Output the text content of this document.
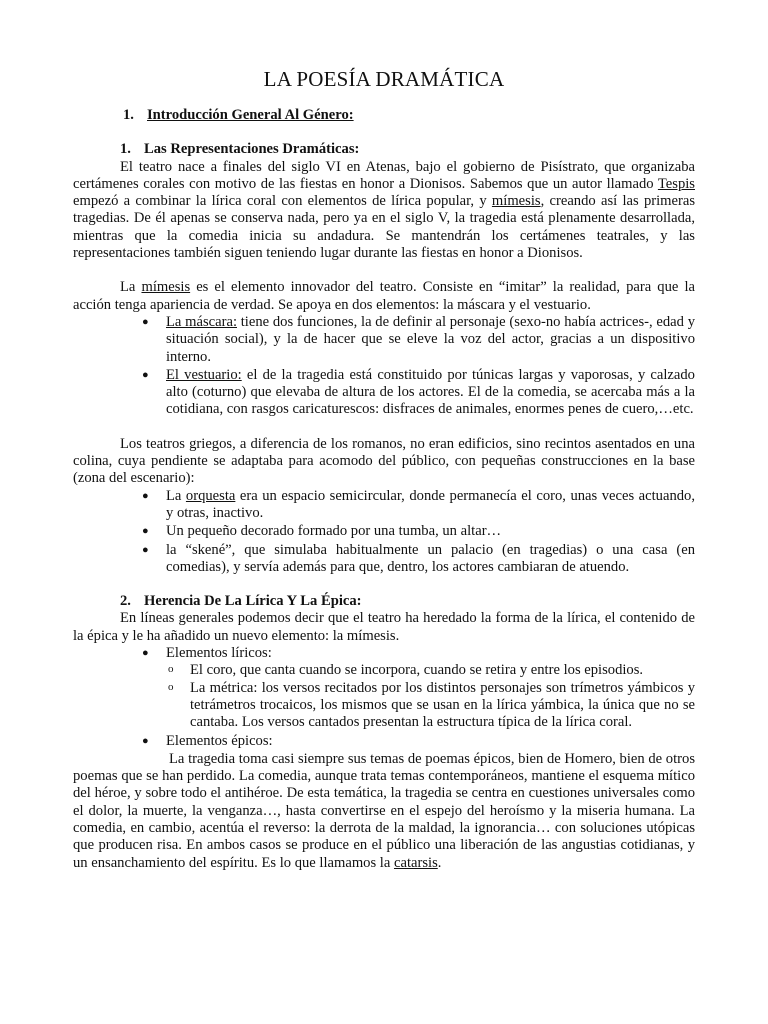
LA POESÍA DRAMÁTICA
1. Introducción General Al Género:
1. Las Representaciones Dramáticas:

El teatro nace a finales del siglo VI en Atenas, bajo el gobierno de Pisístrato, que organizaba certámenes corales con motivo de las fiestas en honor a Dionisos. Sabemos que un autor llamado Tespis empezó a combinar la lírica coral con elementos de lírica popular, y mímesis, creando así las primeras tragedias. De él apenas se conserva nada, pero ya en el siglo V, la tragedia está plenamente desarrollada, mientras que la comedia inicia su andadura. Se mantendrán los certámenes teatrales, y las representaciones también siguen teniendo lugar durante las fiestas en honor a Dionisos.

La mímesis es el elemento innovador del teatro. Consiste en “imitar” la realidad, para que la acción tenga apariencia de verdad. Se apoya en dos elementos: la máscara y el vestuario.

● La máscara: tiene dos funciones, la de definir al personaje (sexo-no había actrices-, edad y situación social), y la de hacer que se eleve la voz del actor, gracias a un dispositivo interno.
● El vestuario: el de la tragedia está constituido por túnicas largas y vaporosas, y calzado alto (coturno) que elevaba de altura de los actores. El de la comedia, se acercaba más a la cotidiana, con rasgos caricaturescos: disfraces de animales, enormes penes de cuero,…etc.

Los teatros griegos, a diferencia de los romanos, no eran edificios, sino recintos asentados en una colina, cuya pendiente se adaptaba para acomodo del público, con pequeñas construcciones en la base (zona del escenario):

● La orquesta era un espacio semicircular, donde permanecía el coro, unas veces actuando, y otras, inactivo.
● Un pequeño decorado formado por una tumba, un altar…
● la “skené”, que simulaba habitualmente un palacio (en tragedias) o una casa (en comedias), y servía además para que, dentro, los actores cambiaran de atuendo.
2. Herencia De La Lírica Y La Épica:

En líneas generales podemos decir que el teatro ha heredado la forma de la lírica, el contenido de la épica y le ha añadido un nuevo elemento: la mímesis.

● Elementos líricos:
o El coro, que canta cuando se incorpora, cuando se retira y entre los episodios.
o La métrica: los versos recitados por los distintos personajes son trímetros yámbicos y tetrámetros trocaicos, los mismos que se usan en la lírica yámbica, la única que no se cantaba. Los versos cantados presentan la estructura típica de la lírica coral.
● Elementos épicos:

La tragedia toma casi siempre sus temas de poemas épicos, bien de Homero, bien de otros poemas que se han perdido. La comedia, aunque trata temas contemporáneos, mantiene el esquema mítico del héroe, y sobre todo el antihéroe. De esta temática, la tragedia se centra en cuestiones universales como el dolor, la muerte, la venganza…, hasta convertirse en el espejo del heroísmo y la miseria humana. La comedia, en cambio, acentúa el reverso: la derrota de la maldad, la ignorancia… con soluciones utópicas que producen risa. En ambos casos se produce en el público una liberación de las angustias cotidianas, y un ensanchamiento del espíritu. Es lo que llamamos la catarsis.
